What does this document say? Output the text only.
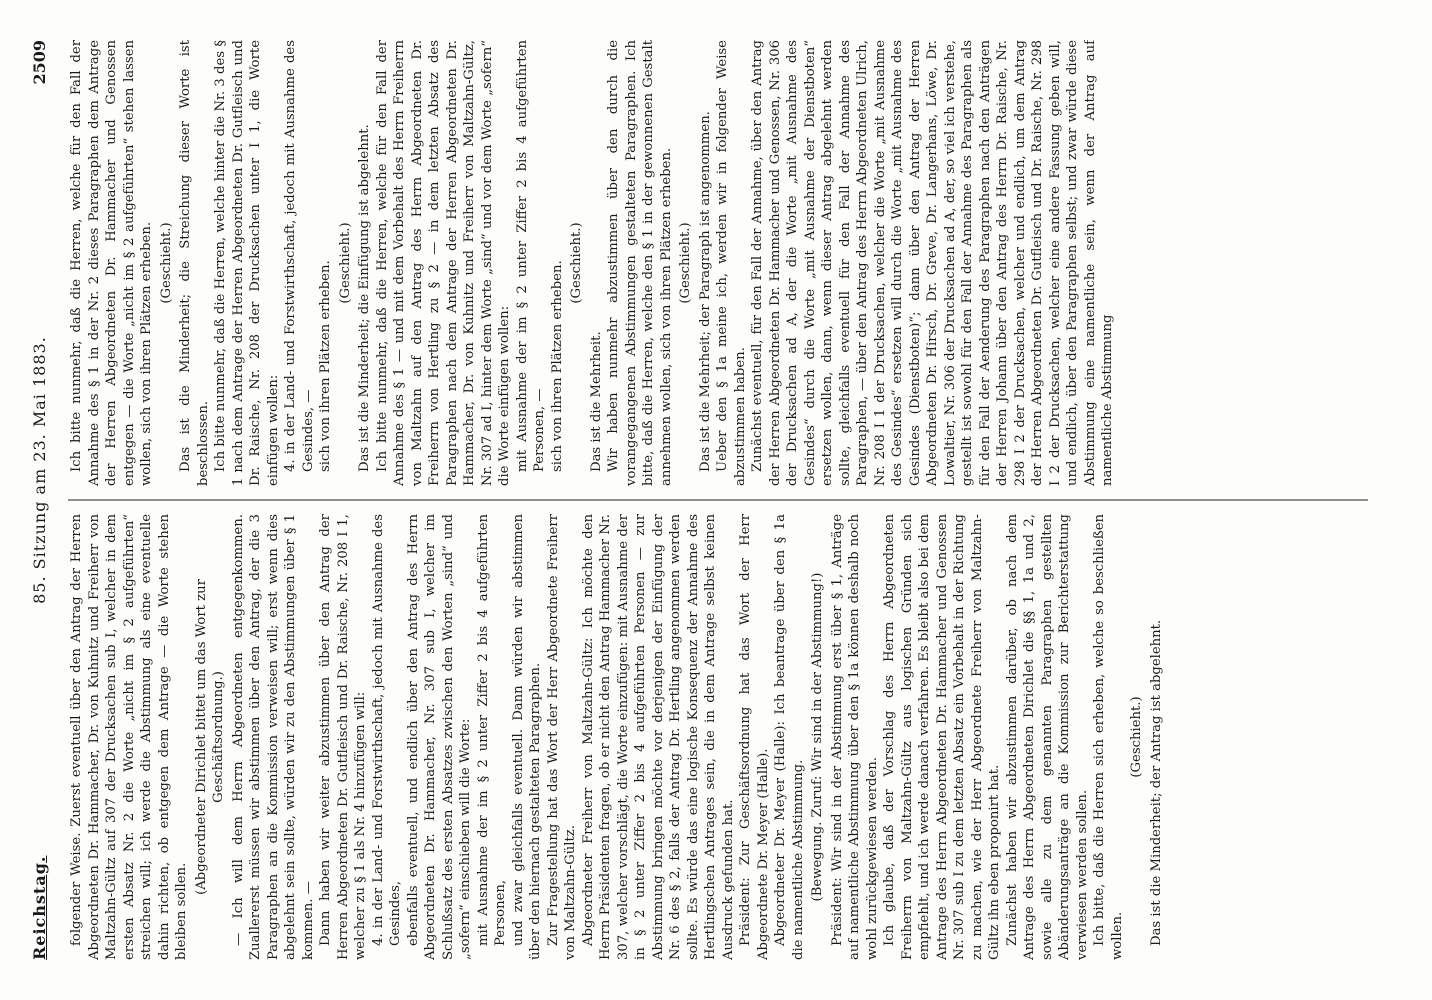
Reichstag.
85. Sitzung am 23. Mai 1883.
2509

folgender Weise. Zuerst eventuell über den Antrag der Herren Abgeordneten Dr. Hammacher, Dr. von Kuhnitz und Freiherr von Maltzahn-Gültz auf 307 der Drucksachen sub I, welcher in dem ersten Absatz Nr. 2 die Worte „nicht im § 2 aufgeführten“ streichen will; ich werde die Abstimmung als eine eventuelle dahin richten, ob entgegen dem Antrage — die Worte stehen bleiben sollen.

(Abgeordneter Dirichlet bittet um das Wort zur Geschäftsordnung.) — Ich will dem Herrn Abgeordneten entgegenkommen. Zuallererst müssen wir abstimmen über den Antrag, der die 3 Paragraphen an die Kommission verweisen will; erst wenn dies abgelehnt sein sollte, würden wir zu den Abstimmungen über § 1 kommen. — Dann haben wir weiter abzustimmen über den Antrag der Herren Abgeordneten Dr. Gutfleisch und Dr. Raische, Nr. 208 I 1, welcher zu § 1 als Nr. 4 hinzufügen will: 4. in der Land- und Forstwirthschaft, jedoch mit Ausnahme des Gesindes, ebenfalls eventuell, und endlich über den Antrag des Herrn Abgeordneten Dr. Hammacher, Nr. 307 sub I, welcher im Schlußsatz des ersten Absatzes zwischen den Worten „sind“ und „sofern“ einschieben will die Worte: mit Ausnahme der im § 2 unter Ziffer 2 bis 4 aufgeführten Personen, und zwar gleichfalls eventuell. Dann würden wir abstimmen über den hiernach gestalteten Paragraphen. Zur Fragestellung hat das Wort der Herr Abgeordnete Freiherr von Maltzahn-Gültz. Abgeordneter Freiherr von Maltzahn-Gültz: Ich möchte den Herrn Präsidenten fragen, ob er nicht den Antrag Hammacher Nr. 307, welcher vorschlägt, die Worte einzufügen: mit Ausnahme der in § 2 unter Ziffer 2 bis 4 aufgeführten Personen — zur Abstimmung bringen möchte vor derjenigen der Einfügung der Nr. 6 des § 2, falls der Antrag Dr. Hertling angenommen werden sollte. Es würde das eine logische Konsequenz der Annahme des Hertlingschen Antrages sein, die in dem Antrage selbst keinen Ausdruck gefunden hat. Präsident: Zur Geschäftsordnung hat das Wort der Herr Abgeordnete Dr. Meyer (Halle). Abgeordneter Dr. Meyer (Halle): Ich beantrage über den § 1a die namentliche Abstimmung. (Bewegung. Zuruf: Wir sind in der Abstimmung!) Präsident: Wir sind in der Abstimmung erst über § 1, Anträge auf namentliche Abstimmung über den § 1a können deshalb noch wohl zurückgewiesen werden. Ich glaube, daß der Vorschlag des Herrn Abgeordneten Freiherrn von Maltzahn-Gültz aus logischen Gründen sich empfiehlt, und ich werde danach verfahren. Es bleibt also bei dem Antrage des Herrn Abgeordneten Dr. Hammacher und Genossen Nr. 307 sub I zu dem letzten Absatz ein Vorbehalt in der Richtung zu machen, wie der Herr Abgeordnete Freiherr von Maltzahn-Gültz ihn eben proponirt hat. Zunächst haben wir abzustimmen darüber, ob nach dem Antrage des Herrn Abgeordneten Dirichlet die §§ 1, 1a und 2, sowie alle zu dem genannten Paragraphen gestellten Abänderungsanträge an die Kommission zur Berichterstattung verwiesen werden sollen. Ich bitte, daß die Herren sich erheben, welche so beschließen wollen.

(Geschieht.) Das ist die Minderheit; der Antrag ist abgelehnt.

Ich bitte nunmehr, daß die Herren, welche für den Fall der Annahme des § 1 in der Nr. 2 dieses Paragraphen dem Antrage der Herren Abgeordneten Dr. Hammacher und Genossen entgegen — die Worte „nicht im § 2 aufgeführten“ stehen lassen wollen, sich von ihren Plätzen erheben. (Geschieht.) Das ist die Minderheit; die Streichung dieser Worte ist beschlossen. Ich bitte nunmehr, daß die Herren, welche hinter die Nr. 3 des § 1 nach dem Antrage der Herren Abgeordneten Dr. Gutfleisch und Dr. Raische, Nr. 208 der Drucksachen unter I 1, die Worte einfügen wollen: 4. in der Land- und Forstwirthschaft, jedoch mit Ausnahme des Gesindes, — sich von ihren Plätzen erheben. (Geschieht.) Das ist die Minderheit; die Einfügung ist abgelehnt. Ich bitte nunmehr, daß die Herren, welche für den Fall der Annahme des § 1 — und mit dem Vorbehalt des Herrn Freiherrn von Maltzahn auf den Antrag des Herrn Abgeordneten Dr. Freiherrn von Hertling zu § 2 — in dem letzten Absatz des Paragraphen nach dem Antrage der Herren Abgeordneten Dr. Hammacher, Dr. von Kuhnitz und Freiherr von Maltzahn-Gültz, Nr. 307 ad I, hinter dem Worte „sind“ und vor dem Worte „sofern“ die Worte einfügen wollen: mit Ausnahme der im § 2 unter Ziffer 2 bis 4 aufgeführten Personen, — sich von ihren Plätzen erheben. (Geschieht.)

Das ist die Mehrheit. Wir haben nunmehr abzustimmen über den durch die vorangegangenen Abstimmungen gestalteten Paragraphen. Ich bitte, daß die Herren, welche den § 1 in der gewonnenen Gestalt annehmen wollen, sich von ihren Plätzen erheben. (Geschieht.) Das ist die Mehrheit; der Paragraph ist angenommen. Ueber den § 1a meine ich, werden wir in folgender Weise abzustimmen haben. Zunächst eventuell, für den Fall der Annahme, über den Antrag der Herren Abgeordneten Dr. Hammacher und Genossen, Nr. 306 der Drucksachen ad A, der die Worte „mit Ausnahme des Gesindes“ durch die Worte „mit Ausnahme der Dienstboten“ ersetzen wollen, dann, wenn dieser Antrag abgelehnt werden sollte, gleichfalls eventuell für den Fall der Annahme des Paragraphen, — über den Antrag des Herrn Abgeordneten Ulrich, Nr. 208 I 1 der Drucksachen, welcher die Worte „mit Ausnahme des Gesindes“ ersetzen will durch die Worte „mit Ausnahme des Gesindes (Dienstboten)“; dann über den Antrag der Herren Abgeordneten Dr. Hirsch, Dr. Greve, Dr. Langerhans, Löwe, Dr. Lowaltier, Nr. 306 der Drucksachen ad A, der, so viel ich verstehe, gestellt ist sowohl für den Fall der Annahme des Paragraphen als für den Fall der Aenderung des Paragraphen nach den Anträgen der Herren Johann über den Antrag des Herrn Dr. Raische, Nr. 298 I 2 der Drucksachen, welcher und endlich, um dem Antrag der Herren Abgeordneten Dr. Gutfleisch und Dr. Raische, Nr. 298 I 2 der Drucksachen, welcher eine andere Fassung geben will, und endlich, über den Paragraphen selbst; und zwar würde diese Abstimmung eine namentliche sein, wenn der Antrag auf namentliche Abstimmung
